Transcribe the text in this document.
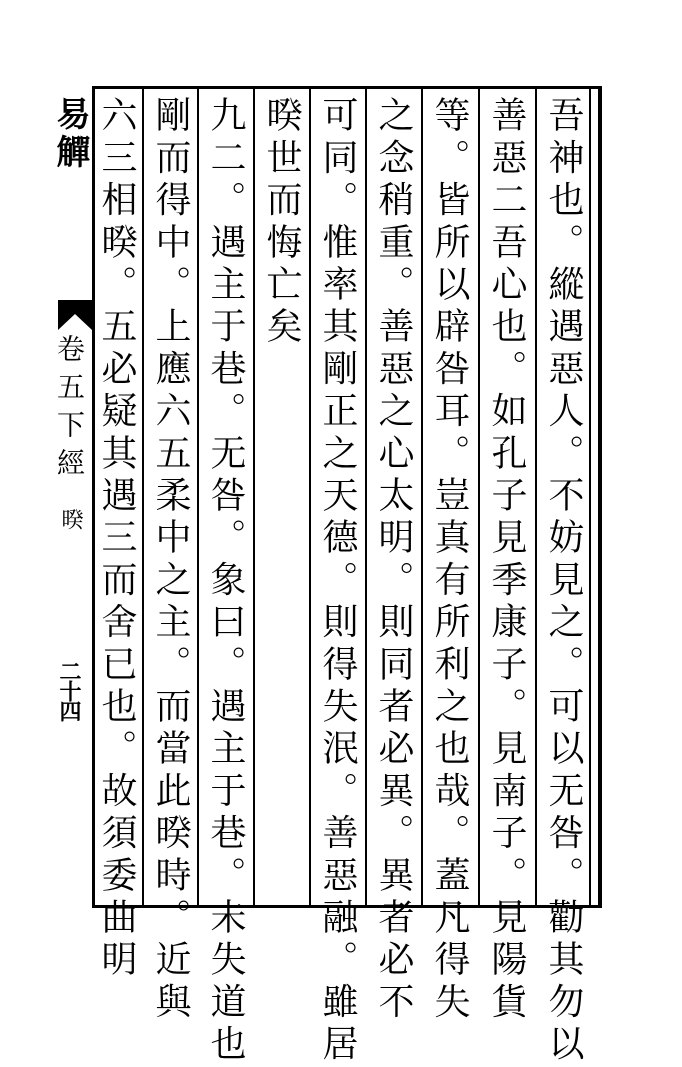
吾神也。縱遇惡人。不妨見之。可以无咎。勸其勿以
善惡二吾心也。如孔子見季康子。見南子。見陽貨
等。皆所以辟咎耳。豈真有所利之也哉。蓋凡得失
之念稍重。善惡之心太明。則同者必異。異者必不
可同。惟率其剛正之天德。則得失泯。善惡融。雖居
暌世而悔亡矣
九二。遇主于巷。无咎。象曰。遇主于巷。未失道也
剛而得中。上應六五柔中之主。而當此暌時。近與
六三相暌。五必疑其遇三而舍已也。故須委曲明
易觶
卷五下經
暌
二十四
